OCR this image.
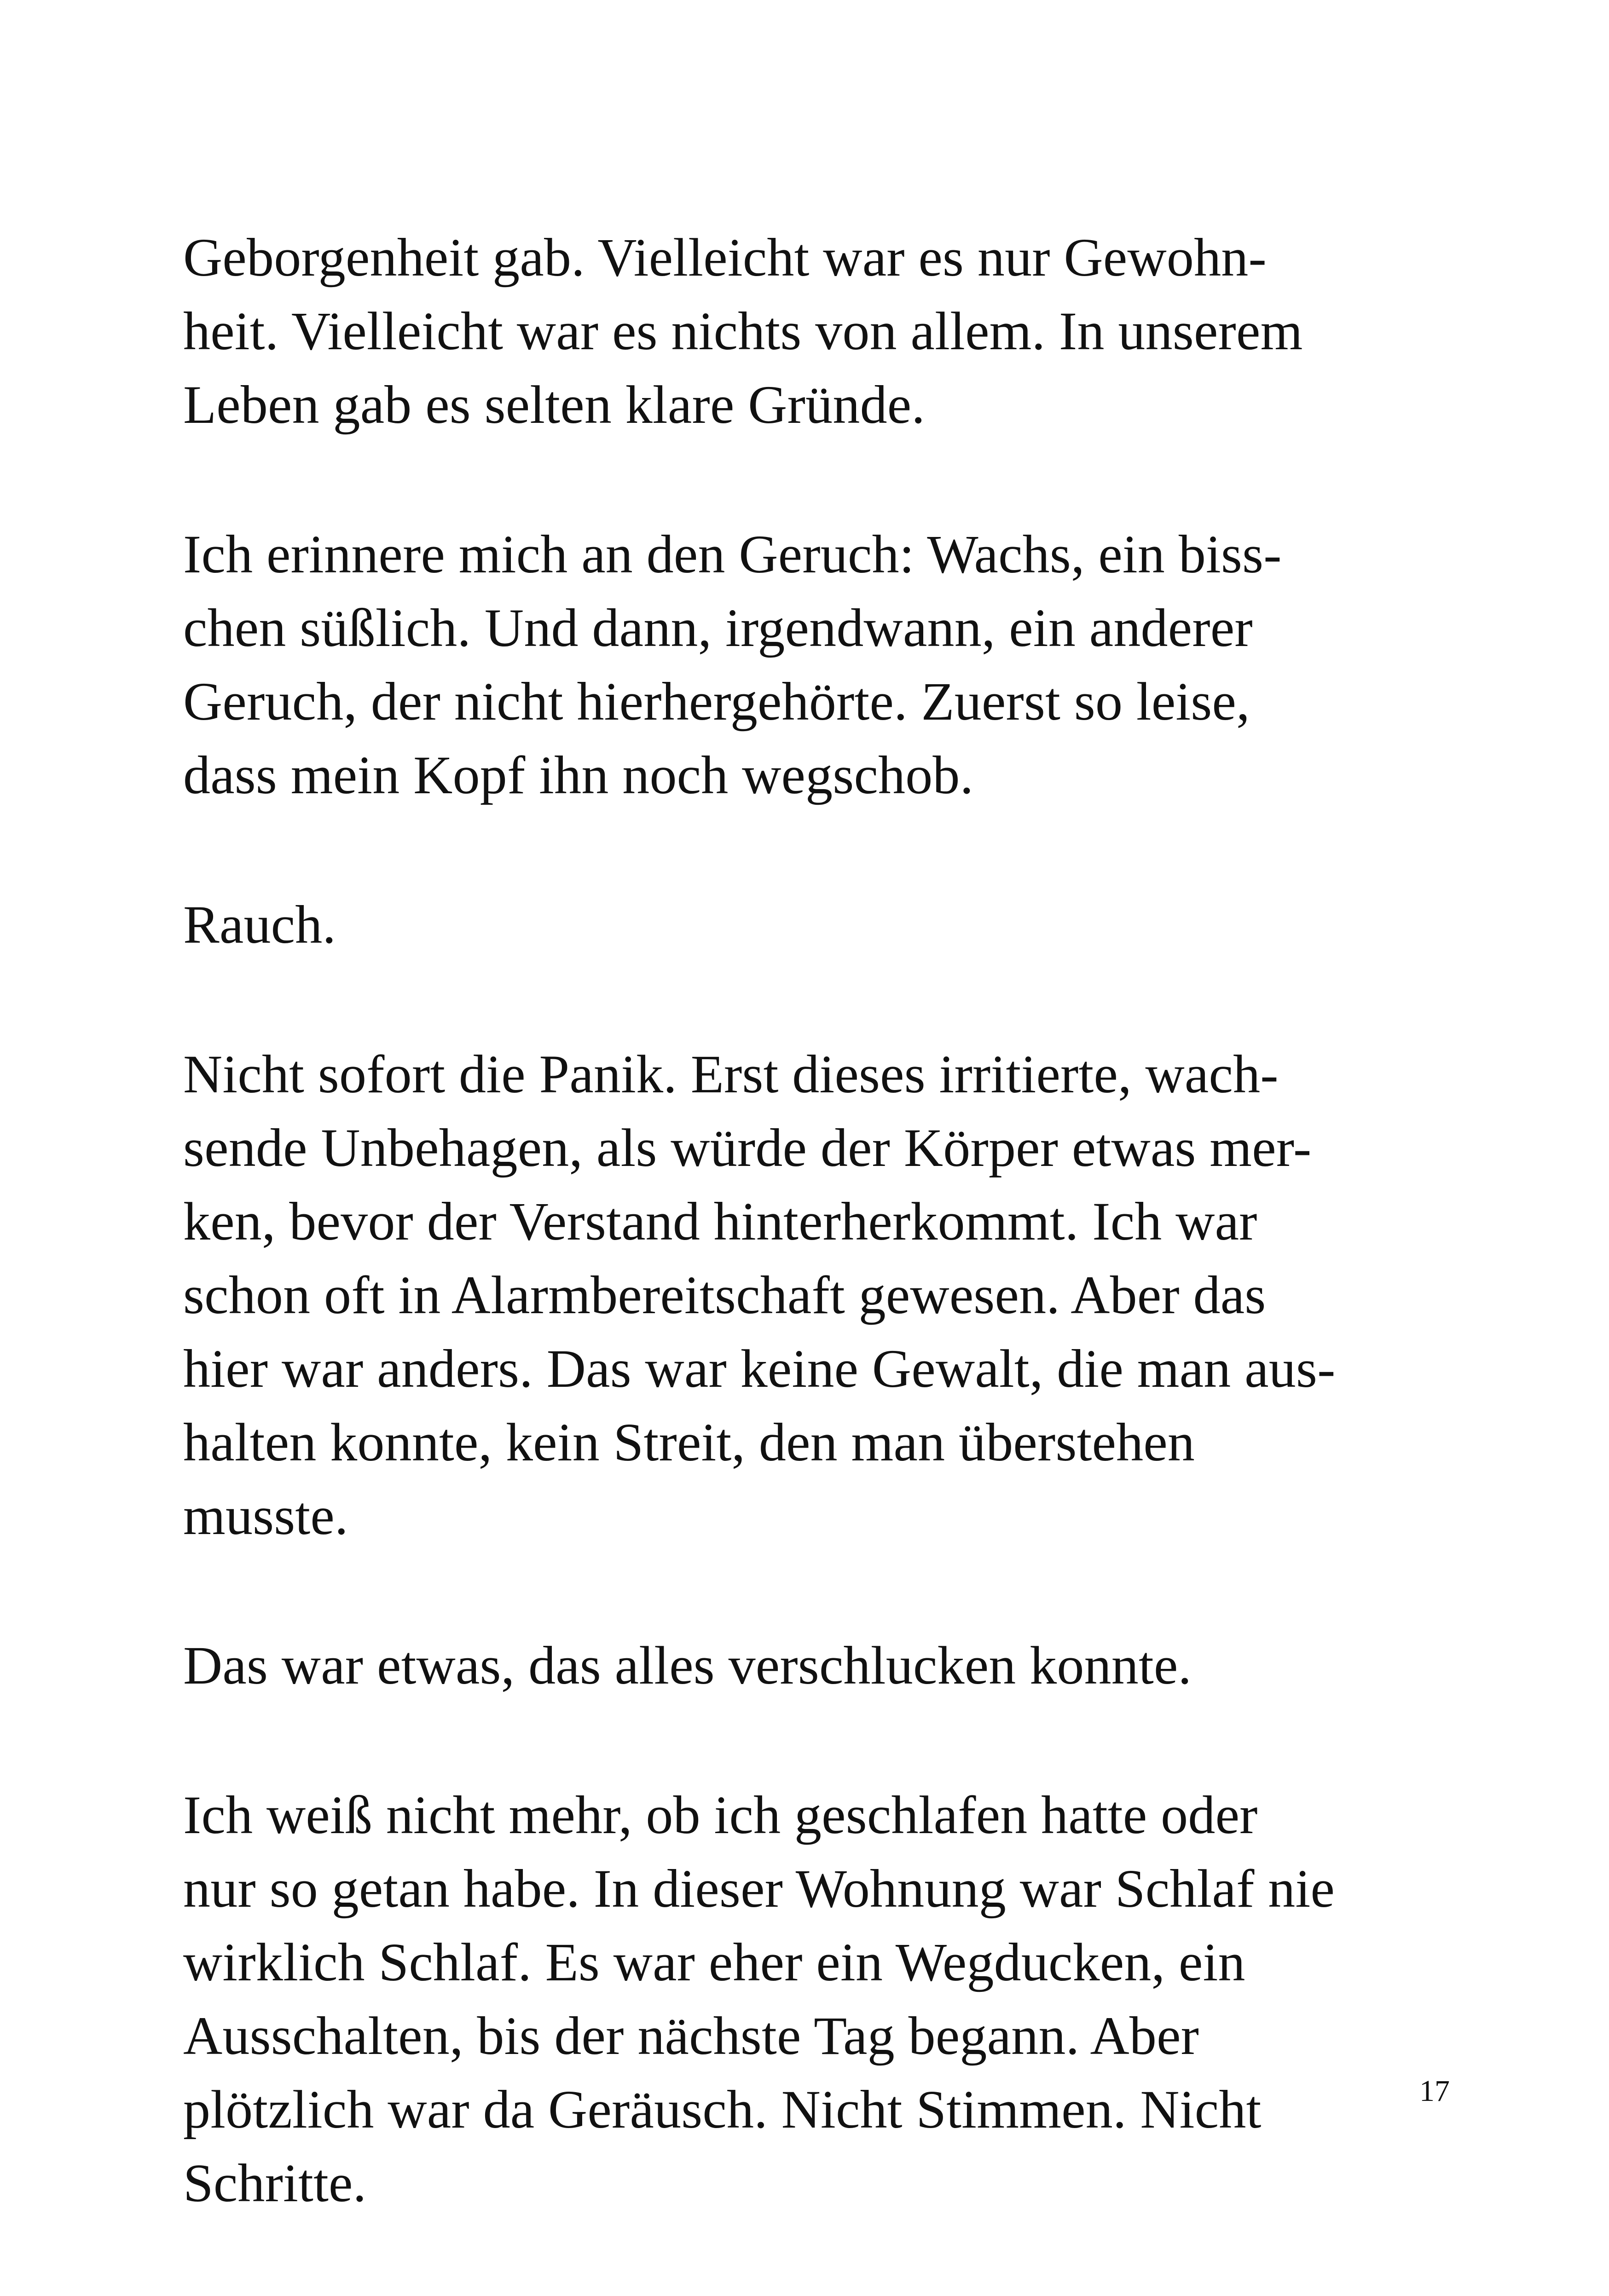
Geborgenheit gab. Vielleicht war es nur Gewohn-
heit. Vielleicht war es nichts von allem. In unserem
Leben gab es selten klare Gründe.

Ich erinnere mich an den Geruch: Wachs, ein biss-
chen süßlich. Und dann, irgendwann, ein anderer
Geruch, der nicht hierhergehörte. Zuerst so leise,
dass mein Kopf ihn noch wegschob.

Rauch.

Nicht sofort die Panik. Erst dieses irritierte, wach-
sende Unbehagen, als würde der Körper etwas mer-
ken, bevor der Verstand hinterherkommt. Ich war
schon oft in Alarmbereitschaft gewesen. Aber das
hier war anders. Das war keine Gewalt, die man aus-
halten konnte, kein Streit, den man überstehen
musste.

Das war etwas, das alles verschlucken konnte.

Ich weiß nicht mehr, ob ich geschlafen hatte oder
nur so getan habe. In dieser Wohnung war Schlaf nie
wirklich Schlaf. Es war eher ein Wegducken, ein
Ausschalten, bis der nächste Tag begann. Aber
plötzlich war da Geräusch. Nicht Stimmen. Nicht
Schritte.

17
